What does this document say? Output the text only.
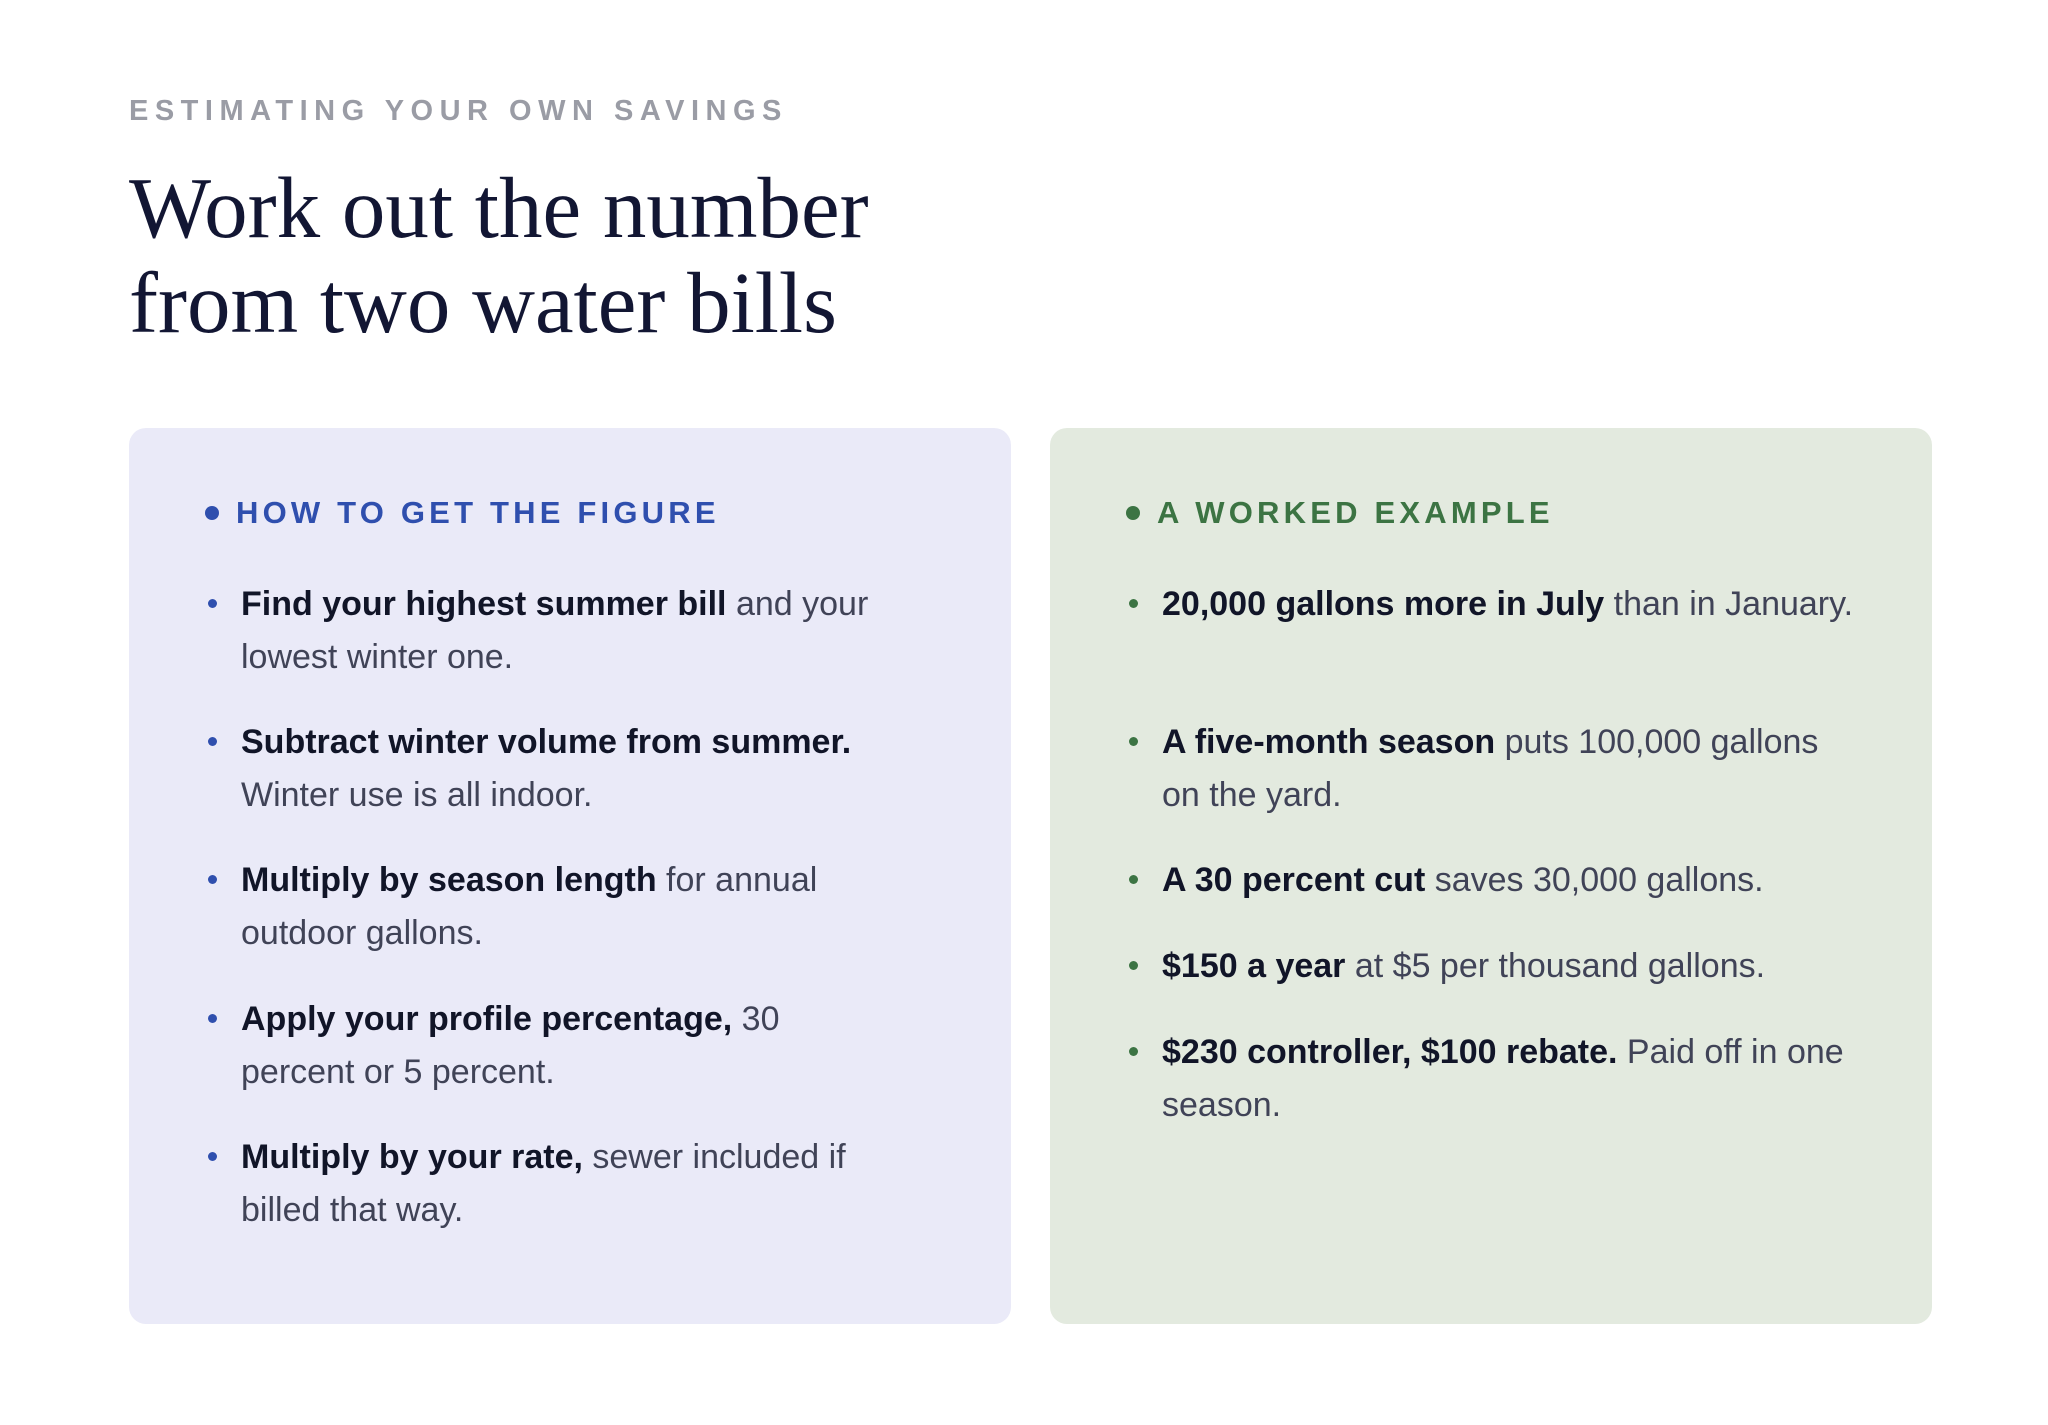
ESTIMATING YOUR OWN SAVINGS
Work out the number
from two water bills
HOW TO GET THE FIGURE
Find your highest summer bill and your lowest winter one.
Subtract winter volume from summer. Winter use is all indoor.
Multiply by season length for annual outdoor gallons.
Apply your profile percentage, 30 percent or 5 percent.
Multiply by your rate, sewer included if billed that way.
A WORKED EXAMPLE
20,000 gallons more in July than in January.
A five-month season puts 100,000 gallons on the yard.
A 30 percent cut saves 30,000 gallons.
$150 a year at $5 per thousand gallons.
$230 controller, $100 rebate. Paid off in one season.
